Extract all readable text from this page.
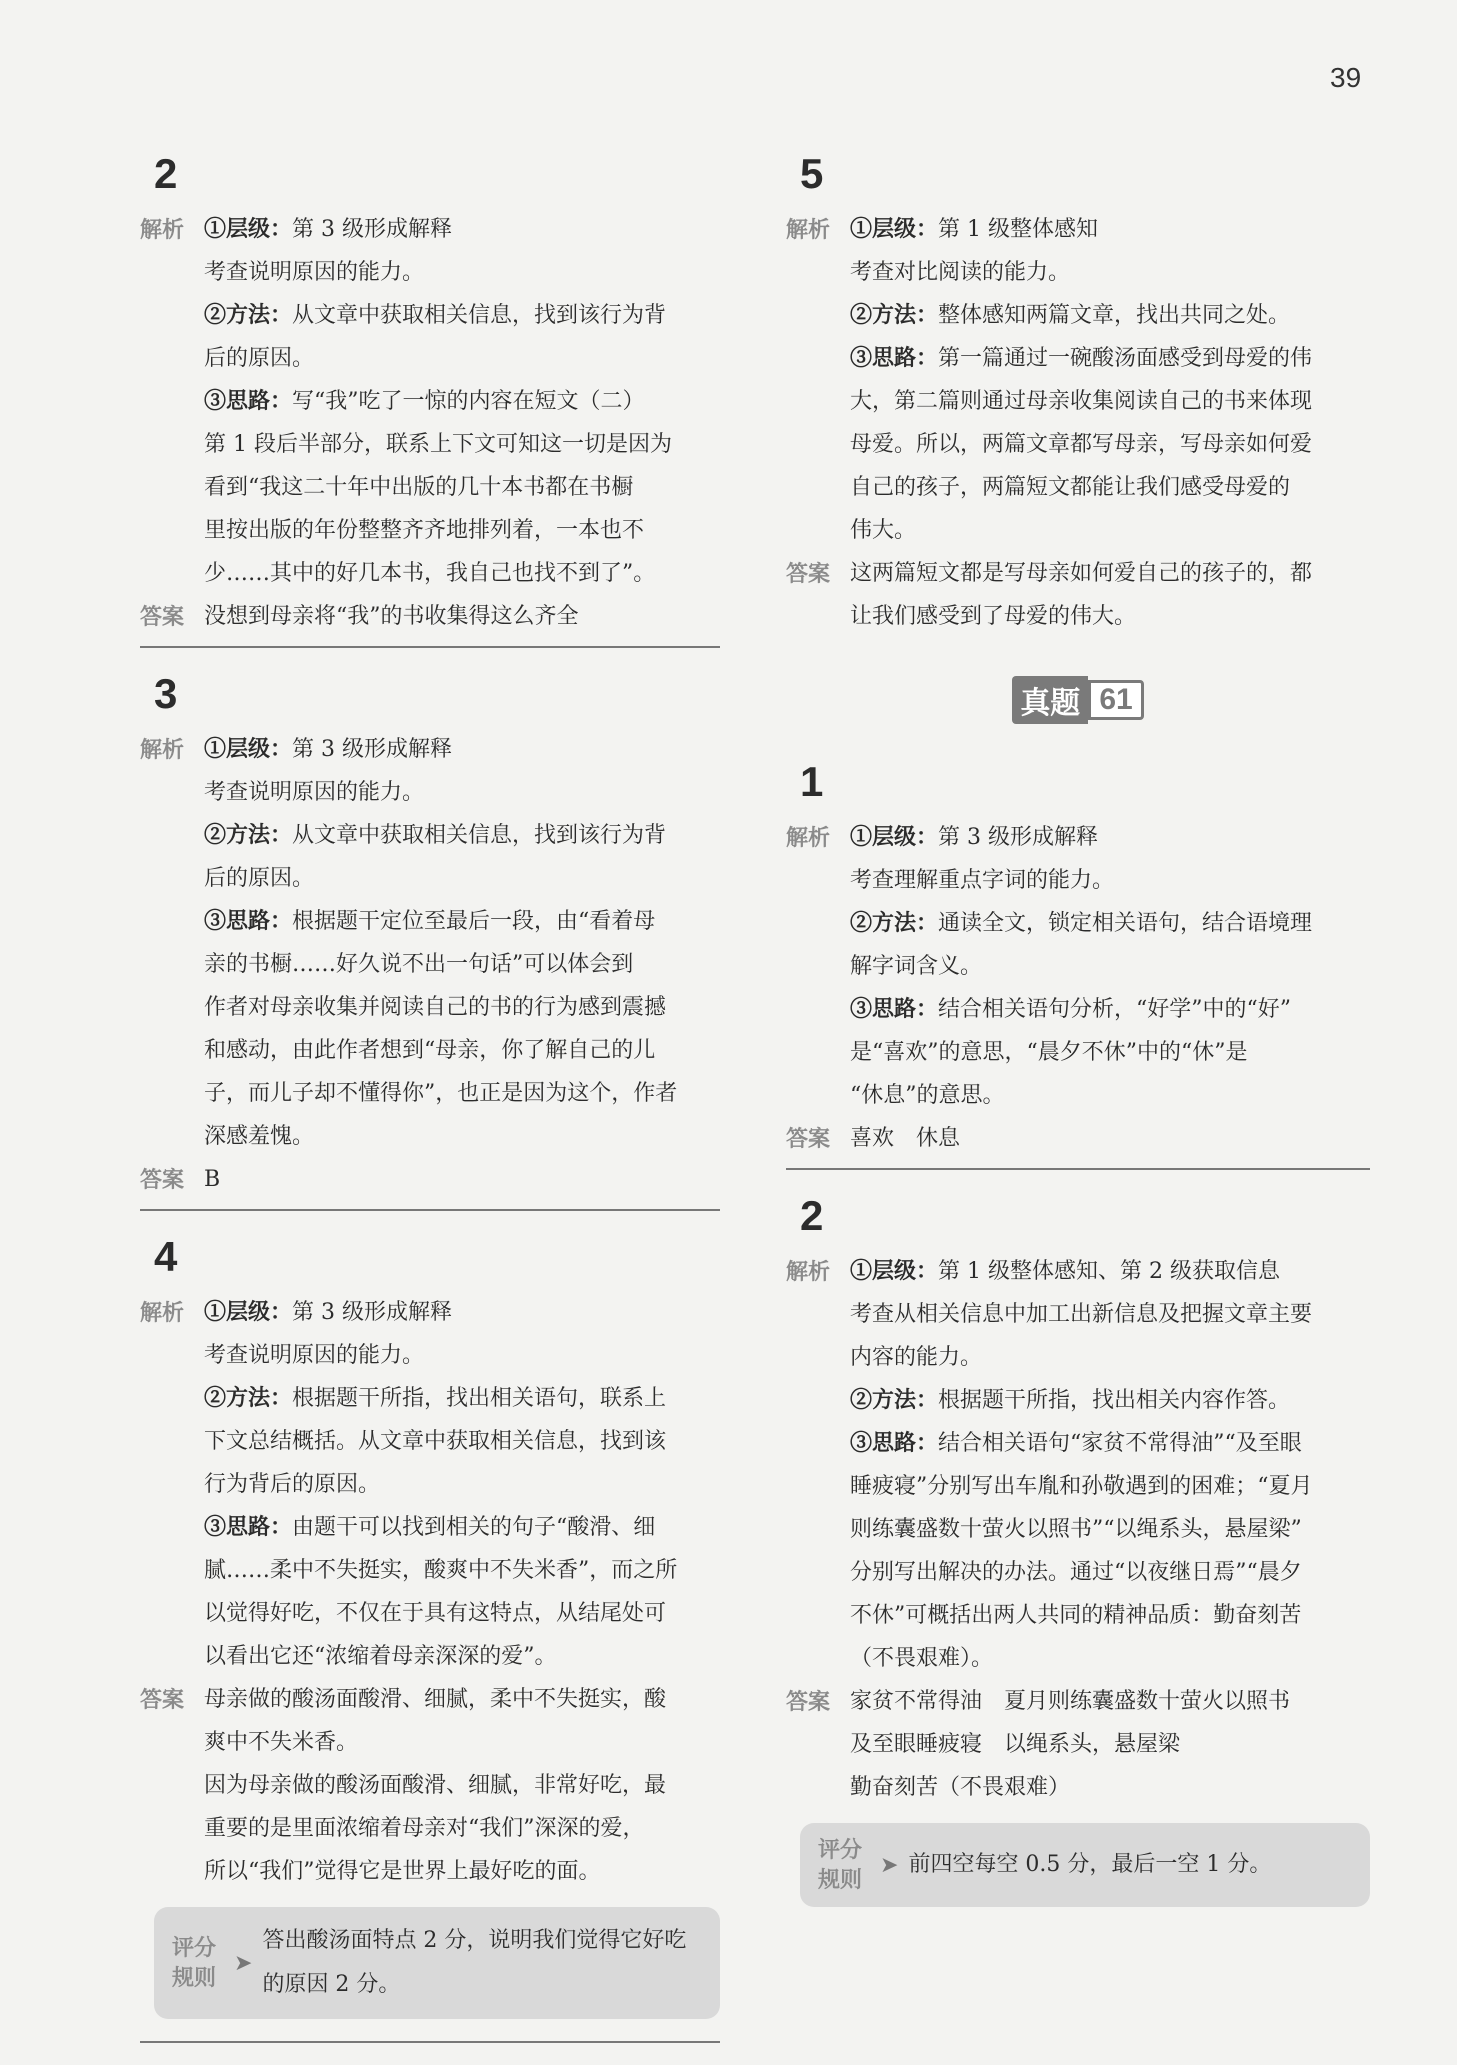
39
2
解析 ①层级：第 3 级形成解释
考查说明原因的能力。
②方法：从文章中获取相关信息，找到该行为背
后的原因。
③思路：写“我”吃了一惊的内容在短文（二）
第 1 段后半部分，联系上下文可知这一切是因为
看到“我这二十年中出版的几十本书都在书橱
里按出版的年份整整齐齐地排列着，一本也不
少……其中的好几本书，我自己也找不到了”。
答案 没想到母亲将“我”的书收集得这么齐全
3
解析 ①层级：第 3 级形成解释
考查说明原因的能力。
②方法：从文章中获取相关信息，找到该行为背
后的原因。
③思路：根据题干定位至最后一段，由“看着母
亲的书橱……好久说不出一句话”可以体会到
作者对母亲收集并阅读自己的书的行为感到震撼
和感动，由此作者想到“母亲，你了解自己的儿
子，而儿子却不懂得你”，也正是因为这个，作者
深感羞愧。
答案 B
4
解析 ①层级：第 3 级形成解释
考查说明原因的能力。
②方法：根据题干所指，找出相关语句，联系上
下文总结概括。从文章中获取相关信息，找到该
行为背后的原因。
③思路：由题干可以找到相关的句子“酸滑、细
腻……柔中不失挺实，酸爽中不失米香”，而之所
以觉得好吃，不仅在于具有这特点，从结尾处可
以看出它还“浓缩着母亲深深的爱”。
答案 母亲做的酸汤面酸滑、细腻，柔中不失挺实，酸
爽中不失米香。
因为母亲做的酸汤面酸滑、细腻，非常好吃，最
重要的是里面浓缩着母亲对“我们”深深的爱，
所以“我们”觉得它是世界上最好吃的面。
评分
规则
➤
答出酸汤面特点 2 分，说明我们觉得它好吃
的原因 2 分。
5
解析 ①层级：第 1 级整体感知
考查对比阅读的能力。
②方法：整体感知两篇文章，找出共同之处。
③思路：第一篇通过一碗酸汤面感受到母爱的伟
大，第二篇则通过母亲收集阅读自己的书来体现
母爱。所以，两篇文章都写母亲，写母亲如何爱
自己的孩子，两篇短文都能让我们感受母爱的
伟大。
答案 这两篇短文都是写母亲如何爱自己的孩子的，都
让我们感受到了母爱的伟大。
真题 61
1
解析 ①层级：第 3 级形成解释
考查理解重点字词的能力。
②方法：通读全文，锁定相关语句，结合语境理
解字词含义。
③思路：结合相关语句分析，“好学”中的“好”
是“喜欢”的意思，“晨夕不休”中的“休”是
“休息”的意思。
答案 喜欢　休息
2
解析 ①层级：第 1 级整体感知、第 2 级获取信息
考查从相关信息中加工出新信息及把握文章主要
内容的能力。
②方法：根据题干所指，找出相关内容作答。
③思路：结合相关语句“家贫不常得油”“及至眼
睡疲寝”分别写出车胤和孙敬遇到的困难；“夏月
则练囊盛数十萤火以照书”“以绳系头，悬屋梁”
分别写出解决的办法。通过“以夜继日焉”“晨夕
不休”可概括出两人共同的精神品质：勤奋刻苦
（不畏艰难）。
答案 家贫不常得油　夏月则练囊盛数十萤火以照书
及至眼睡疲寝　以绳系头，悬屋梁
勤奋刻苦（不畏艰难）
评分
规则
➤ 前四空每空 0.5 分，最后一空 1 分。
